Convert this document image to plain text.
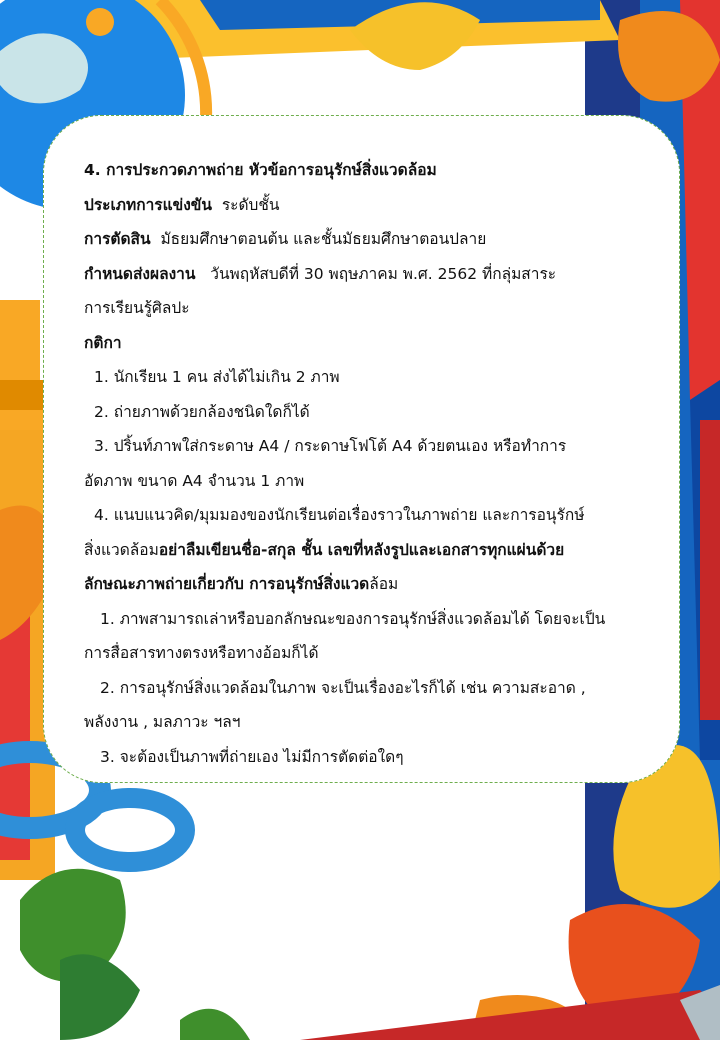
4. การประกวดภาพถ่าย หัวข้อการอนุรักษ์สิ่งแวดล้อม
ประเภทการแข่งขัน ระดับชั้น
การตัดสิน มัธยมศึกษาตอนต้น และชั้นมัธยมศึกษาตอนปลาย
กำหนดส่งผลงาน วันพฤหัสบดีที่ 30 พฤษภาคม พ.ศ. 2562 ที่กลุ่มสาระ
การเรียนรู้ศิลปะ
กติกา
1. นักเรียน 1 คน ส่งได้ไม่เกิน 2 ภาพ
2. ถ่ายภาพด้วยกล้องชนิดใดก็ได้
3. ปริ้นท์ภาพใส่กระดาษ A4 / กระดาษโฟโต้ A4 ด้วยตนเอง หรือทำการ
อัดภาพ ขนาด A4 จำนวน 1 ภาพ
4. แนบแนวคิด/มุมมองของนักเรียนต่อเรื่องราวในภาพถ่าย และการอนุรักษ์
สิ่งแวดล้อมอย่าลืมเขียนชื่อ-สกุล ชั้น เลขที่หลังรูปและเอกสารทุกแผ่นด้วย
ลักษณะภาพถ่ายเกี่ยวกับ การอนุรักษ์สิ่งแวดล้อม
1. ภาพสามารถเล่าหรือบอกลักษณะของการอนุรักษ์สิ่งแวดล้อมได้ โดยจะเป็น
การสื่อสารทางตรงหรือทางอ้อมก็ได้
2. การอนุรักษ์สิ่งแวดล้อมในภาพ จะเป็นเรื่องอะไรก็ได้ เช่น ความสะอาด ,
พลังงาน , มลภาวะ ฯลฯ
3. จะต้องเป็นภาพที่ถ่ายเอง ไม่มีการตัดต่อใดๆ
